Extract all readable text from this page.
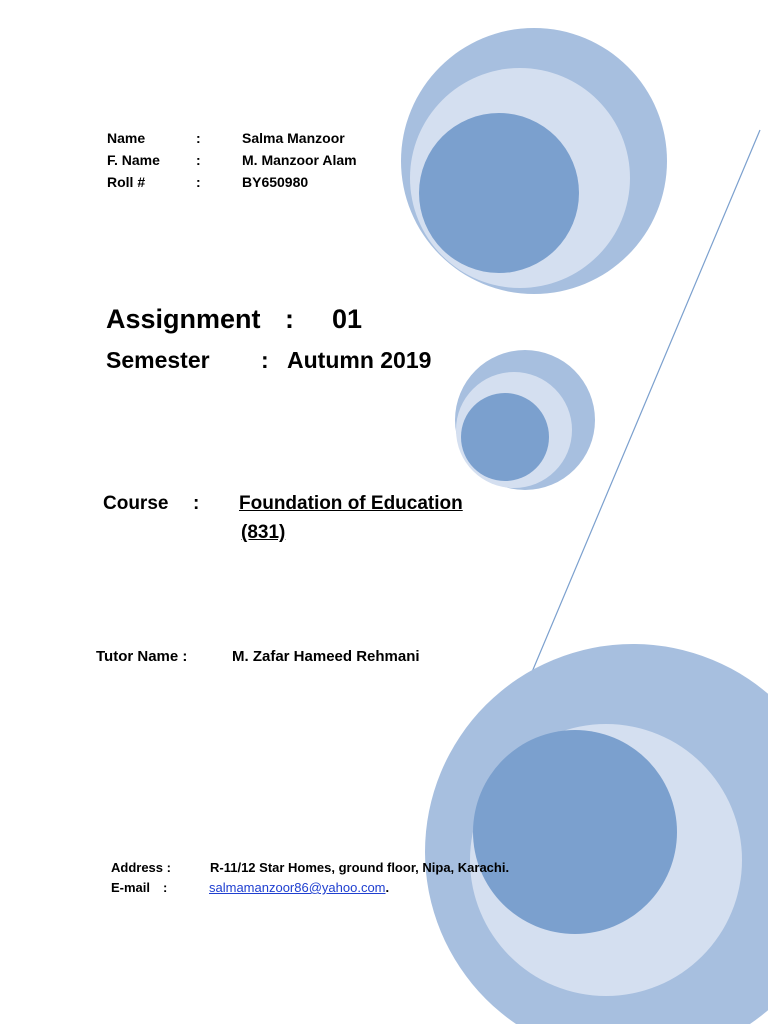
Name	:	Salma Manzoor
F. Name	:	M. Manzoor Alam
Roll #	:	BY650980
Assignment : 01
Semester : Autumn 2019
Course : Foundation of Education
(831)
Tutor Name :	M. Zafar Hameed Rehmani
Address :	R-11/12 Star Homes, ground floor, Nipa, Karachi.
E-mail :	salmamanzoor86@yahoo.com.
